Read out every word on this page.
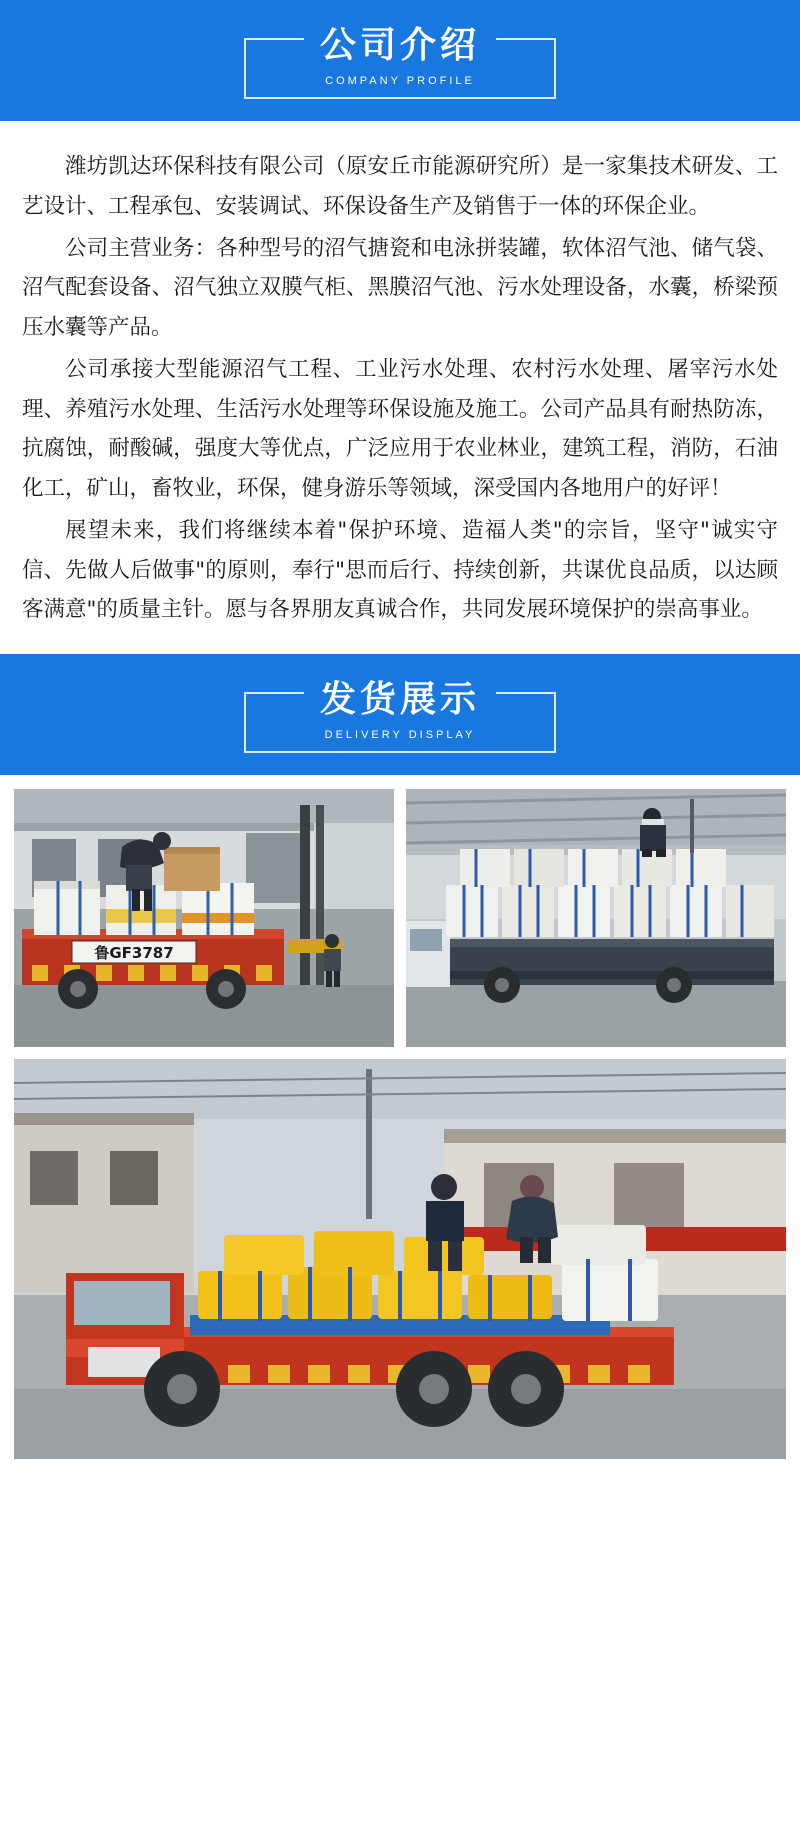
公司介绍
COMPANY PROFILE

潍坊凯达环保科技有限公司（原安丘市能源研究所）是一家集技术研发、工艺设计、工程承包、安装调试、环保设备生产及销售于一体的环保企业。

公司主营业务：各种型号的沼气搪瓷和电泳拼装罐，软体沼气池、储气袋、沼气配套设备、沼气独立双膜气柜、黑膜沼气池、污水处理设备，水囊，桥梁预压水囊等产品。

公司承接大型能源沼气工程、工业污水处理、农村污水处理、屠宰污水处理、养殖污水处理、生活污水处理等环保设施及施工。公司产品具有耐热防冻，抗腐蚀，耐酸碱，强度大等优点，广泛应用于农业林业，建筑工程，消防，石油化工，矿山，畜牧业，环保，健身游乐等领域，深受国内各地用户的好评！

展望未来，我们将继续本着"保护环境、造福人类"的宗旨，坚守"诚实守信、先做人后做事"的原则，奉行"思而后行、持续创新，共谋优良品质，以达顾客满意"的质量主针。愿与各界朋友真诚合作，共同发展环境保护的崇高事业。

发货展示
DELIVERY DISPLAY
鲁GF3787
